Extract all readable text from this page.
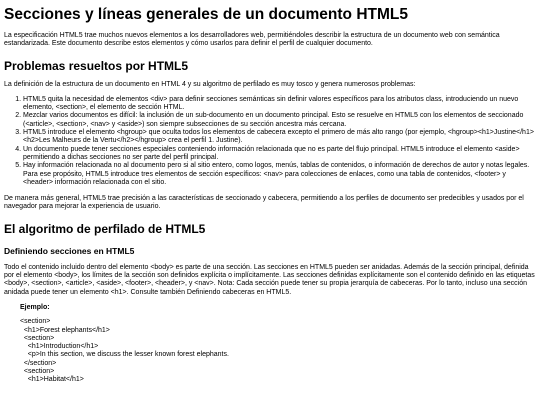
Secciones y líneas generales de un documento HTML5

La especificación HTML5 trae muchos nuevos elementos a los desarrolladores web, permitiéndoles describir la estructura de un documento web con semántica estandarizada. Este documento describe estos elementos y cómo usarlos para definir el perfil de cualquier documento.

Problemas resueltos por HTML5

La definición de la estructura de un documento en HTML 4 y su algoritmo de perfilado es muy tosco y genera numerosos problemas:

1. HTML5 quita la necesidad de elementos <div> para definir secciones semánticas sin definir valores específicos para los atributos class, introduciendo un nuevo elemento, <section>, el elemento de sección HTML.
2. Mezclar varios documentos es difícil: la inclusión de un sub-documento en un documento principal. Esto se resuelve en HTML5 con los elementos de seccionado (<article>, <section>, <nav> y <aside>) son siempre subsecciones de su sección ancestra más cercana.
3. HTML5 introduce el elemento <hgroup> que oculta todos los elementos de cabecera excepto el primero de más alto rango (por ejemplo, <hgroup><h1>Justine</h1><h2>Les Malheurs de la Vertu</h2></hgroup> crea el perfil 1. Justine).
4. Un documento puede tener secciones especiales conteniendo información relacionada que no es parte del flujo principal. HTML5 introduce el elemento <aside> permitiendo a dichas secciones no ser parte del perfil principal.
5. Hay información relacionada no al documento pero si al sitio entero, como logos, menús, tablas de contenidos, o información de derechos de autor y notas legales. Para ese propósito, HTML5 introduce tres elementos de sección específicos: <nav> para colecciones de enlaces, como una tabla de contenidos, <footer> y <header> información relacionada con el sitio.

De manera más general, HTML5 trae precisión a las características de seccionado y cabecera, permitiendo a los perfiles de documento ser predecibles y usados por el navegador para mejorar la experiencia de usuario.

El algoritmo de perfilado de HTML5
Definiendo secciones en HTML5

Todo el contenido incluido dentro del elemento <body> es parte de una sección. Las secciones en HTML5 pueden ser anidadas. Además de la sección principal, definida por el elemento <body>, los límites de la sección son definidos explícita o implícitamente. Las secciones definidas explícitamente son el contenido definido en las etiquetas <body>, <section>, <article>, <aside>, <footer>, <header>, y <nav>. Nota: Cada sección puede tener su propia jerarquía de cabeceras. Por lo tanto, incluso una sección anidada puede tener un elemento <h1>. Consulte también Definiendo cabeceras en HTML5.

Ejemplo:
<section>
<h1>Forest elephants</h1>
<section>
<h1>Introduction</h1>
<p>In this section, we discuss the lesser known forest elephants.
</section>
<section>
<h1>Habitat</h1>
